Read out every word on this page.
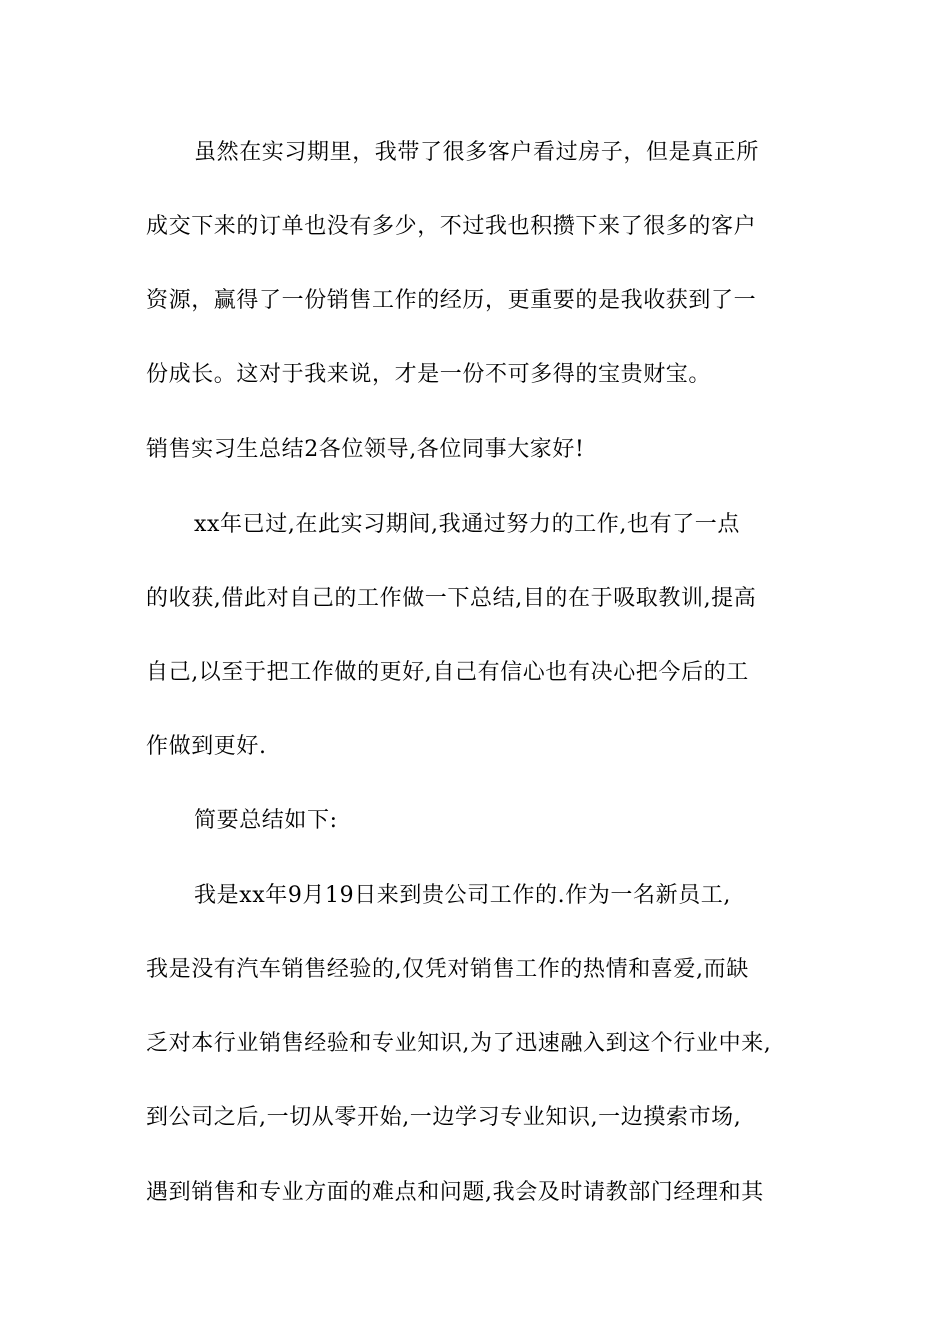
虽然在实习期里，我带了很多客户看过房子，但是真正所
成交下来的订单也没有多少，不过我也积攒下来了很多的客户
资源，赢得了一份销售工作的经历，更重要的是我收获到了一
份成长。这对于我来说，才是一份不可多得的宝贵财宝。
销售实习生总结2各位领导,各位同事大家好!
xx年已过,在此实习期间,我通过努力的工作,也有了一点
的收获,借此对自己的工作做一下总结,目的在于吸取教训,提高
自己,以至于把工作做的更好,自己有信心也有决心把今后的工
作做到更好.
简要总结如下:
我是xx年9月19日来到贵公司工作的.作为一名新员工,
我是没有汽车销售经验的,仅凭对销售工作的热情和喜爱,而缺
乏对本行业销售经验和专业知识,为了迅速融入到这个行业中来,
到公司之后,一切从零开始,一边学习专业知识,一边摸索市场,
遇到销售和专业方面的难点和问题,我会及时请教部门经理和其
